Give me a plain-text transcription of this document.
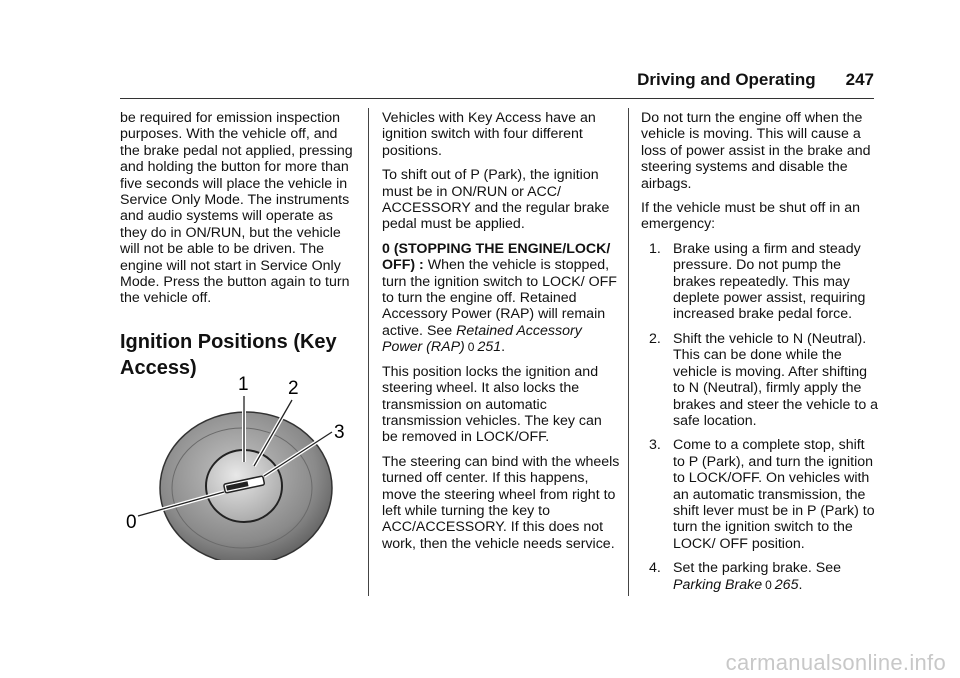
Driving and Operating 247

be required for emission inspection purposes. With the vehicle off, and the brake pedal not applied, pressing and holding the button for more than five seconds will place the vehicle in Service Only Mode. The instruments and audio systems will operate as they do in ON/RUN, but the vehicle will not be able to be driven. The engine will not start in Service Only Mode. Press the button again to turn the vehicle off.

Ignition Positions (Key
Access)
1 2
3
0

Vehicles with Key Access have an ignition switch with four different positions.

To shift out of P (Park), the ignition must be in ON/RUN or ACC/ ACCESSORY and the regular brake pedal must be applied.

0 (STOPPING THE ENGINE/LOCK/ OFF) : When the vehicle is stopped, turn the ignition switch to LOCK/ OFF to turn the engine off. Retained Accessory Power (RAP) will remain active. See Retained Accessory Power (RAP) 0 251.

This position locks the ignition and steering wheel. It also locks the transmission on automatic transmission vehicles. The key can be removed in LOCK/OFF.

The steering can bind with the wheels turned off center. If this happens, move the steering wheel from right to left while turning the key to ACC/ACCESSORY. If this does not work, then the vehicle needs service.

Do not turn the engine off when the vehicle is moving. This will cause a loss of power assist in the brake and steering systems and disable the airbags.

If the vehicle must be shut off in an emergency:

1. Brake using a firm and steady pressure. Do not pump the brakes repeatedly. This may deplete power assist, requiring increased brake pedal force.
2. Shift the vehicle to N (Neutral). This can be done while the vehicle is moving. After shifting to N (Neutral), firmly apply the brakes and steer the vehicle to a safe location.
3. Come to a complete stop, shift to P (Park), and turn the ignition to LOCK/OFF. On vehicles with an automatic transmission, the shift lever must be in P (Park) to turn the ignition switch to the LOCK/ OFF position.
4. Set the parking brake. See Parking Brake 0 265.
carmanualsonline.info
